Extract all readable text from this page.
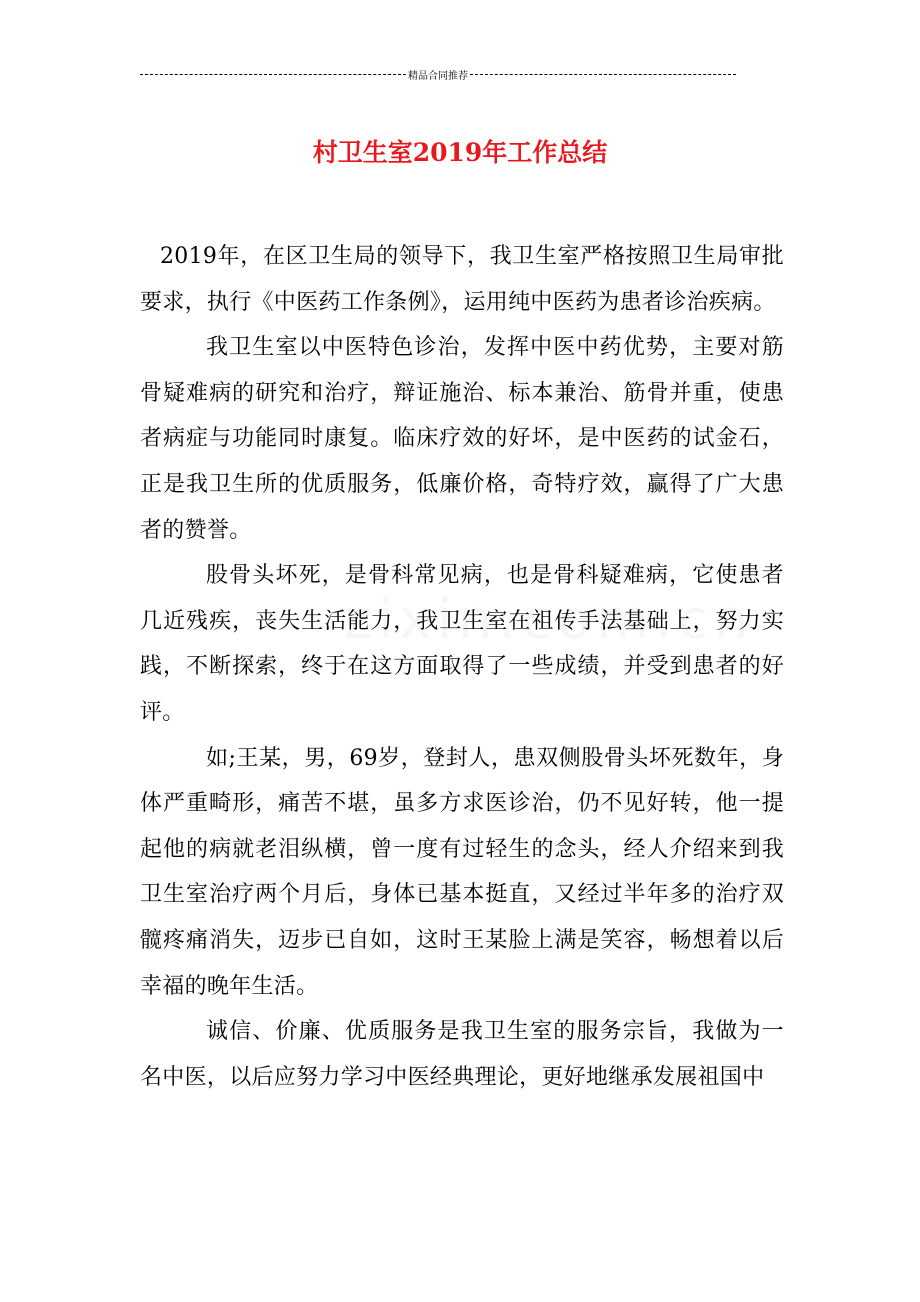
精品合同推荐
村卫生室2019年工作总结

2019年，在区卫生局的领导下，我卫生室严格按照卫生局审批要求，执行《中医药工作条例》，运用纯中医药为患者诊治疾病。

我卫生室以中医特色诊治，发挥中医中药优势，主要对筋骨疑难病的研究和治疗，辩证施治、标本兼治、筋骨并重，使患者病症与功能同时康复。临床疗效的好坏，是中医药的试金石，正是我卫生所的优质服务，低廉价格，奇特疗效，赢得了广大患者的赞誉。

股骨头坏死，是骨科常见病，也是骨科疑难病，它使患者几近残疾，丧失生活能力，我卫生室在祖传手法基础上，努力实践，不断探索，终于在这方面取得了一些成绩，并受到患者的好评。

如;王某，男，69岁，登封人，患双侧股骨头坏死数年，身体严重畸形，痛苦不堪，虽多方求医诊治，仍不见好转，他一提起他的病就老泪纵横，曾一度有过轻生的念头，经人介绍来到我卫生室治疗两个月后，身体已基本挺直，又经过半年多的治疗双髋疼痛消失，迈步已自如，这时王某脸上满是笑容，畅想着以后幸福的晚年生活。

诚信、价廉、优质服务是我卫生室的服务宗旨，我做为一名中医，以后应努力学习中医经典理论，更好地继承发展祖国中
